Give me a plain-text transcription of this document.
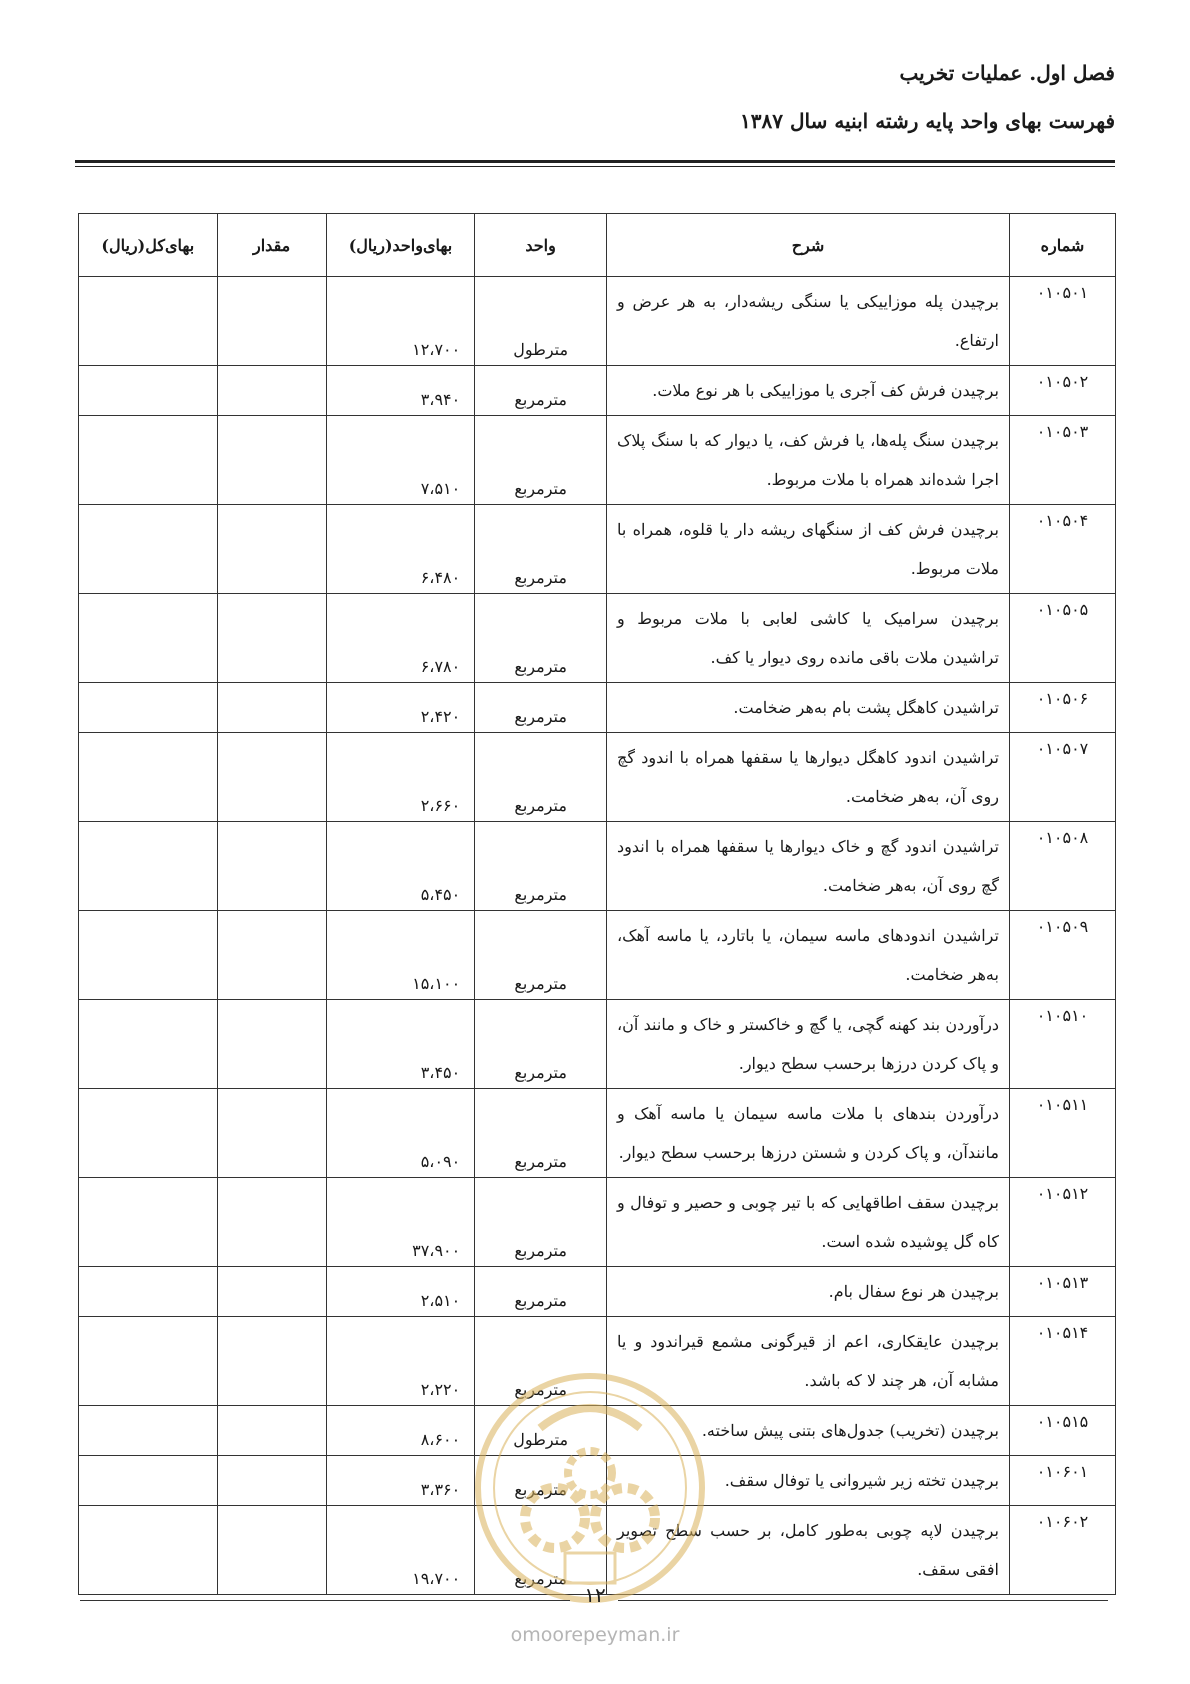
فصل اول. عملیات تخریب
فهرست بهای واحد پایه رشته ابنیه سال ۱۳۸۷
شماره	شرح	واحد	بهای‌واحد(ریال)	مقدار	بهای‌کل(ریال)
۰۱۰۵۰۱	برچیدن پله موزاییکی یا سنگی ریشه‌دار، به هر عرض و ارتفاع.	مترطول	۱۲،۷۰۰		
۰۱۰۵۰۲	برچیدن فرش کف آجری یا موزاییکی با هر نوع ملات.	مترمربع	۳،۹۴۰		
۰۱۰۵۰۳	برچیدن سنگ پله‌ها، یا فرش کف، یا دیوار که با سنگ پلاک اجرا شده‌اند همراه با ملات مربوط.	مترمربع	۷،۵۱۰		
۰۱۰۵۰۴	برچیدن فرش کف از سنگهای ریشه دار یا قلوه، همراه با ملات مربوط.	مترمربع	۶،۴۸۰		
۰۱۰۵۰۵	برچیدن سرامیک یا کاشی لعابی با ملات مربوط و تراشیدن ملات باقی مانده روی دیوار یا کف.	مترمربع	۶،۷۸۰		
۰۱۰۵۰۶	تراشیدن کاهگل پشت بام به‌هر ضخامت.	مترمربع	۲،۴۲۰		
۰۱۰۵۰۷	تراشیدن اندود کاهگل دیوارها یا سقفها همراه با اندود گچ روی آن، به‌هر ضخامت.	مترمربع	۲،۶۶۰		
۰۱۰۵۰۸	تراشیدن اندود گچ و خاک دیوارها یا سقفها همراه با اندود گچ روی آن، به‌هر ضخامت.	مترمربع	۵،۴۵۰		
۰۱۰۵۰۹	تراشیدن اندودهای ماسه سیمان، یا باتارد، یا ماسه آهک، به‌هر ضخامت.	مترمربع	۱۵،۱۰۰		
۰۱۰۵۱۰	درآوردن بند کهنه گچی، یا گچ و خاکستر و خاک و مانند آن، و پاک کردن درزها برحسب سطح دیوار.	مترمربع	۳،۴۵۰		
۰۱۰۵۱۱	درآوردن بندهای با ملات ماسه سیمان یا ماسه آهک و مانندآن، و پاک کردن و شستن درزها برحسب سطح دیوار.	مترمربع	۵،۰۹۰		
۰۱۰۵۱۲	برچیدن سقف اطاقهایی که با تیر چوبی و حصیر و توفال و کاه گل پوشیده شده است.	مترمربع	۳۷،۹۰۰		
۰۱۰۵۱۳	برچیدن هر نوع سفال بام.	مترمربع	۲،۵۱۰		
۰۱۰۵۱۴	برچیدن عایقکاری، اعم از قیرگونی مشمع قیراندود و یا مشابه آن، هر چند لا که باشد.	مترمربع	۲،۲۲۰		
۰۱۰۵۱۵	برچیدن (تخریب) جدول‌های بتنی پیش ساخته.	مترطول	۸،۶۰۰		
۰۱۰۶۰۱	برچیدن تخته زیر شیروانی یا توفال سقف.	مترمربع	۳،۳۶۰		
۰۱۰۶۰۲	برچیدن لاپه چوبی به‌طور کامل، بر حسب سطح تصویر افقی سقف.	مترمربع	۱۹،۷۰۰		
۱۲
omoorepeyman.ir
